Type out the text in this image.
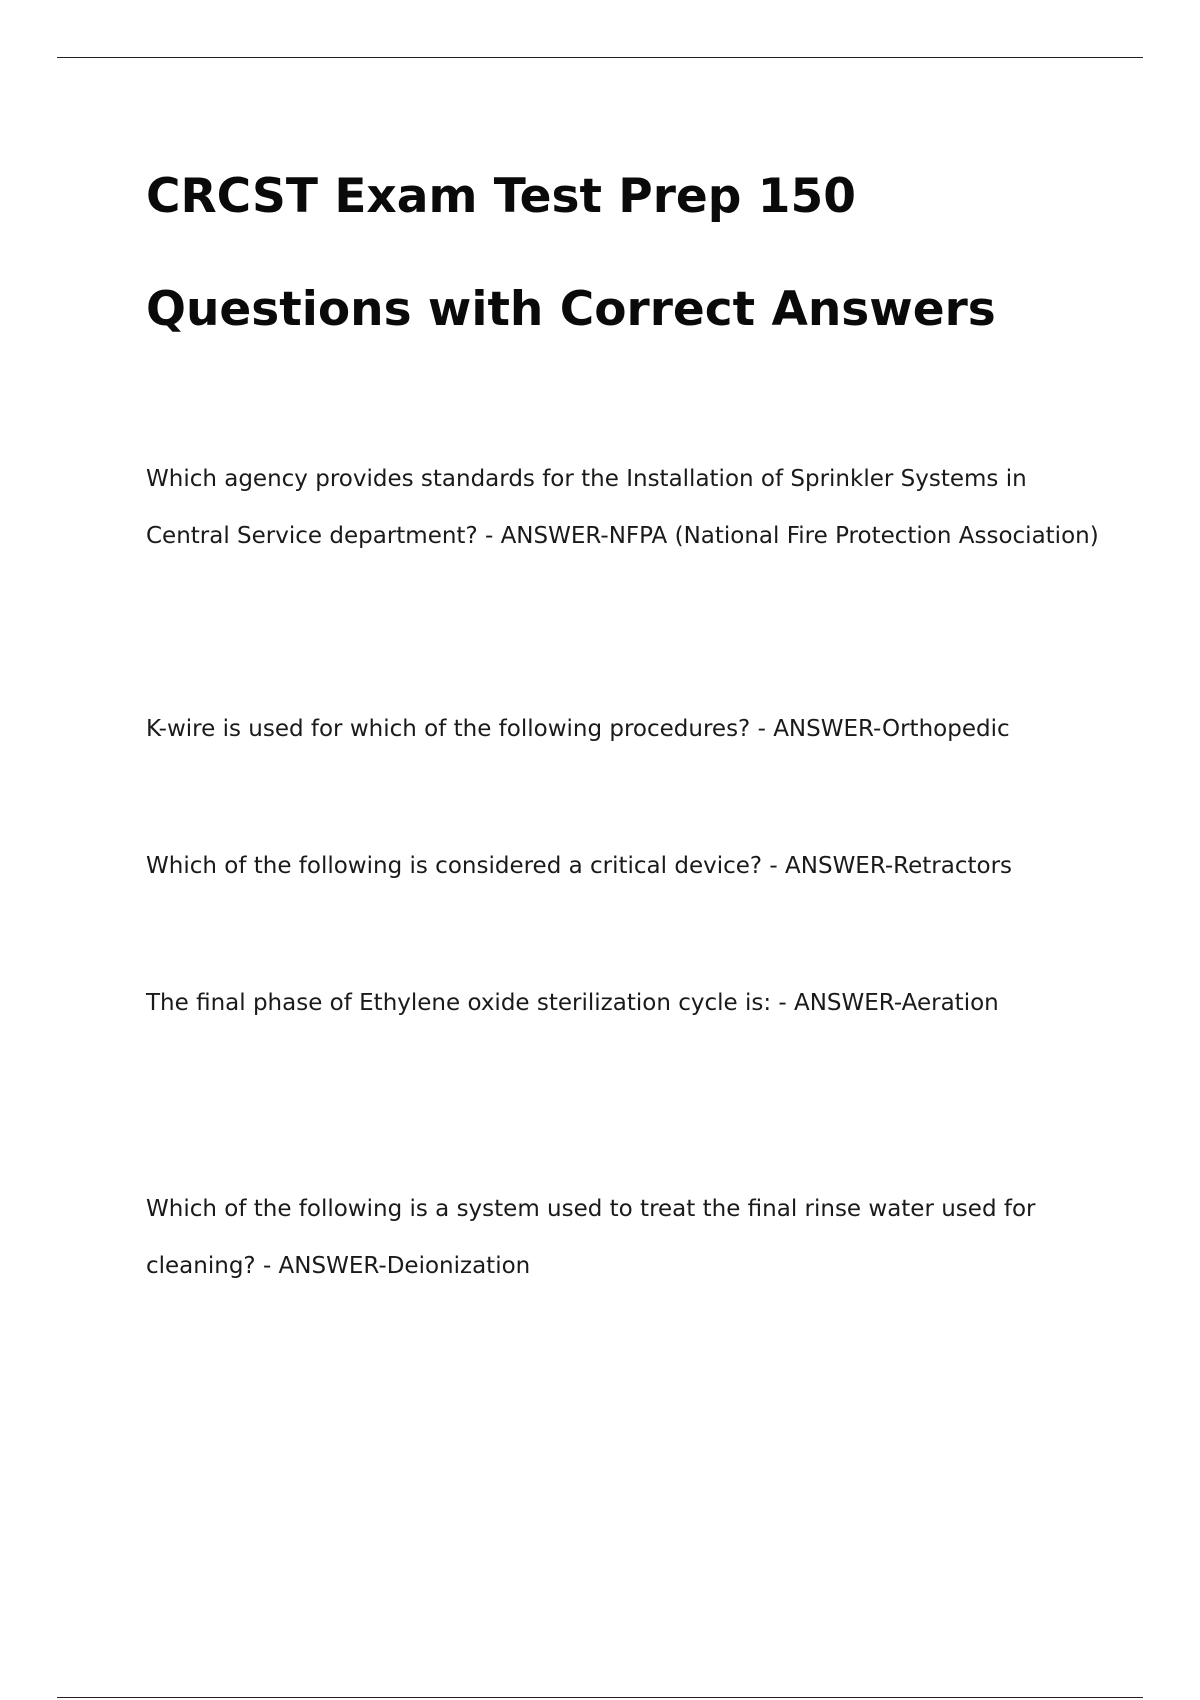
CRCST Exam Test Prep 150 Questions with Correct Answers

Which agency provides standards for the Installation of Sprinkler Systems in Central Service department? - ANSWER-NFPA (National Fire Protection Association)

K-wire is used for which of the following procedures? - ANSWER-Orthopedic

Which of the following is considered a critical device? - ANSWER-Retractors

The final phase of Ethylene oxide sterilization cycle is: - ANSWER-Aeration

Which of the following is a system used to treat the final rinse water used for cleaning? - ANSWER-Deionization
